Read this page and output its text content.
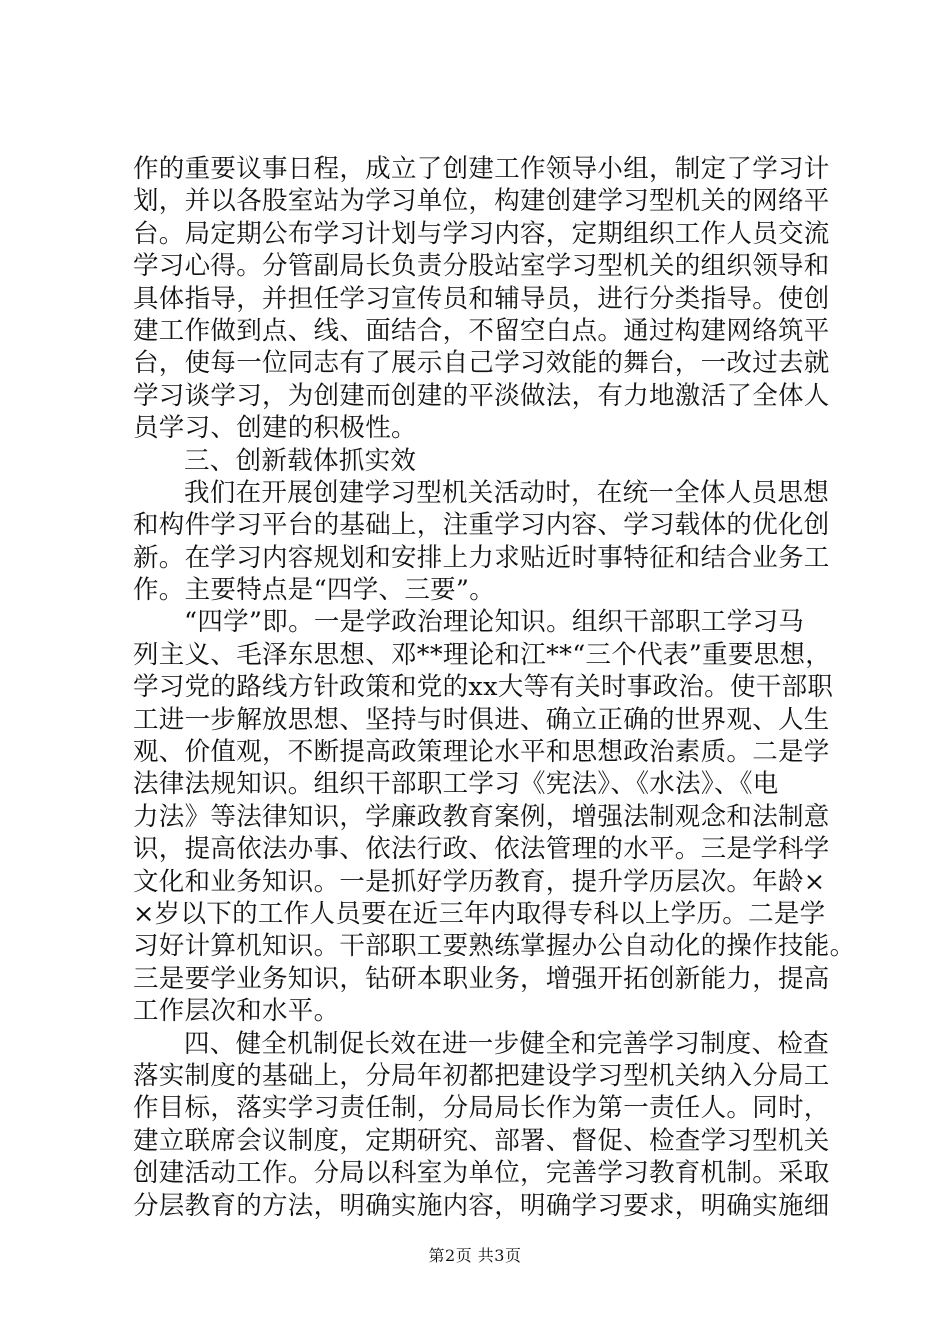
作的重要议事日程，成立了创建工作领导小组，制定了学习计
划，并以各股室站为学习单位，构建创建学习型机关的网络平
台。局定期公布学习计划与学习内容，定期组织工作人员交流
学习心得。分管副局长负责分股站室学习型机关的组织领导和
具体指导，并担任学习宣传员和辅导员，进行分类指导。使创
建工作做到点、线、面结合，不留空白点。通过构建网络筑平
台，使每一位同志有了展示自己学习效能的舞台，一改过去就
学习谈学习，为创建而创建的平淡做法，有力地激活了全体人
员学习、创建的积极性。
三、创新载体抓实效
我们在开展创建学习型机关活动时，在统一全体人员思想
和构件学习平台的基础上，注重学习内容、学习载体的优化创
新。在学习内容规划和安排上力求贴近时事特征和结合业务工
作。主要特点是“四学、三要”。
“四学”即。一是学政治理论知识。组织干部职工学习马
列主义、毛泽东思想、邓**理论和江**“三个代表”重要思想，
学习党的路线方针政策和党的xx大等有关时事政治。使干部职
工进一步解放思想、坚持与时俱进、确立正确的世界观、人生
观、价值观，不断提高政策理论水平和思想政治素质。二是学
法律法规知识。组织干部职工学习《宪法》、《水法》、《电
力法》等法律知识，学廉政教育案例，增强法制观念和法制意
识，提高依法办事、依法行政、依法管理的水平。三是学科学
文化和业务知识。一是抓好学历教育，提升学历层次。年龄×
×岁以下的工作人员要在近三年内取得专科以上学历。二是学
习好计算机知识。干部职工要熟练掌握办公自动化的操作技能。
三是要学业务知识，钻研本职业务，增强开拓创新能力，提高
工作层次和水平。
四、健全机制促长效在进一步健全和完善学习制度、检查
落实制度的基础上，分局年初都把建设学习型机关纳入分局工
作目标，落实学习责任制，分局局长作为第一责任人。同时，
建立联席会议制度，定期研究、部署、督促、检查学习型机关
创建活动工作。分局以科室为单位，完善学习教育机制。采取
分层教育的方法，明确实施内容，明确学习要求，明确实施细
第2页 共3页
